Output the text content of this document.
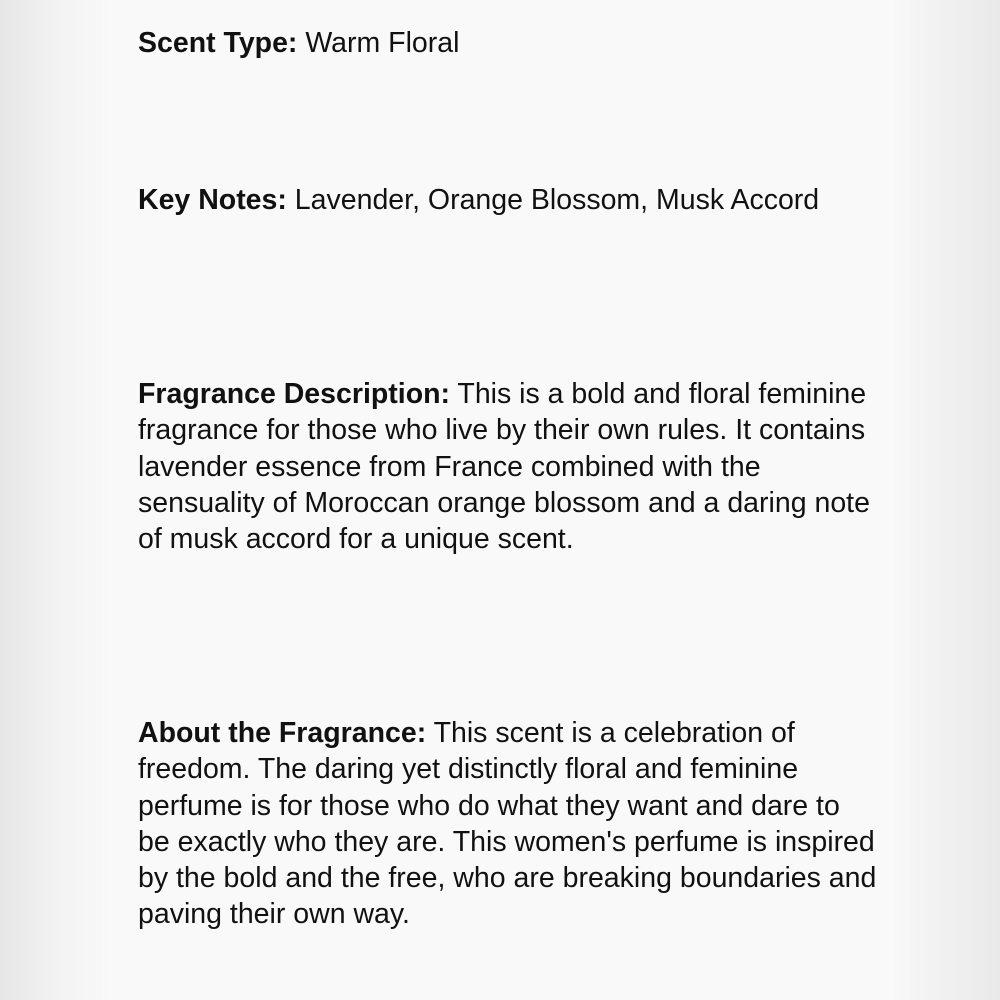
Scent Type: Warm Floral

Key Notes: Lavender, Orange Blossom, Musk Accord

Fragrance Description: This is a bold and floral feminine fragrance for those who live by their own rules. It contains lavender essence from France combined with the sensuality of Moroccan orange blossom and a daring note of musk accord for a unique scent.

About the Fragrance: This scent is a celebration of freedom. The daring yet distinctly floral and feminine perfume is for those who do what they want and dare to be exactly who they are. This women's perfume is inspired by the bold and the free, who are breaking boundaries and paving their own way.
